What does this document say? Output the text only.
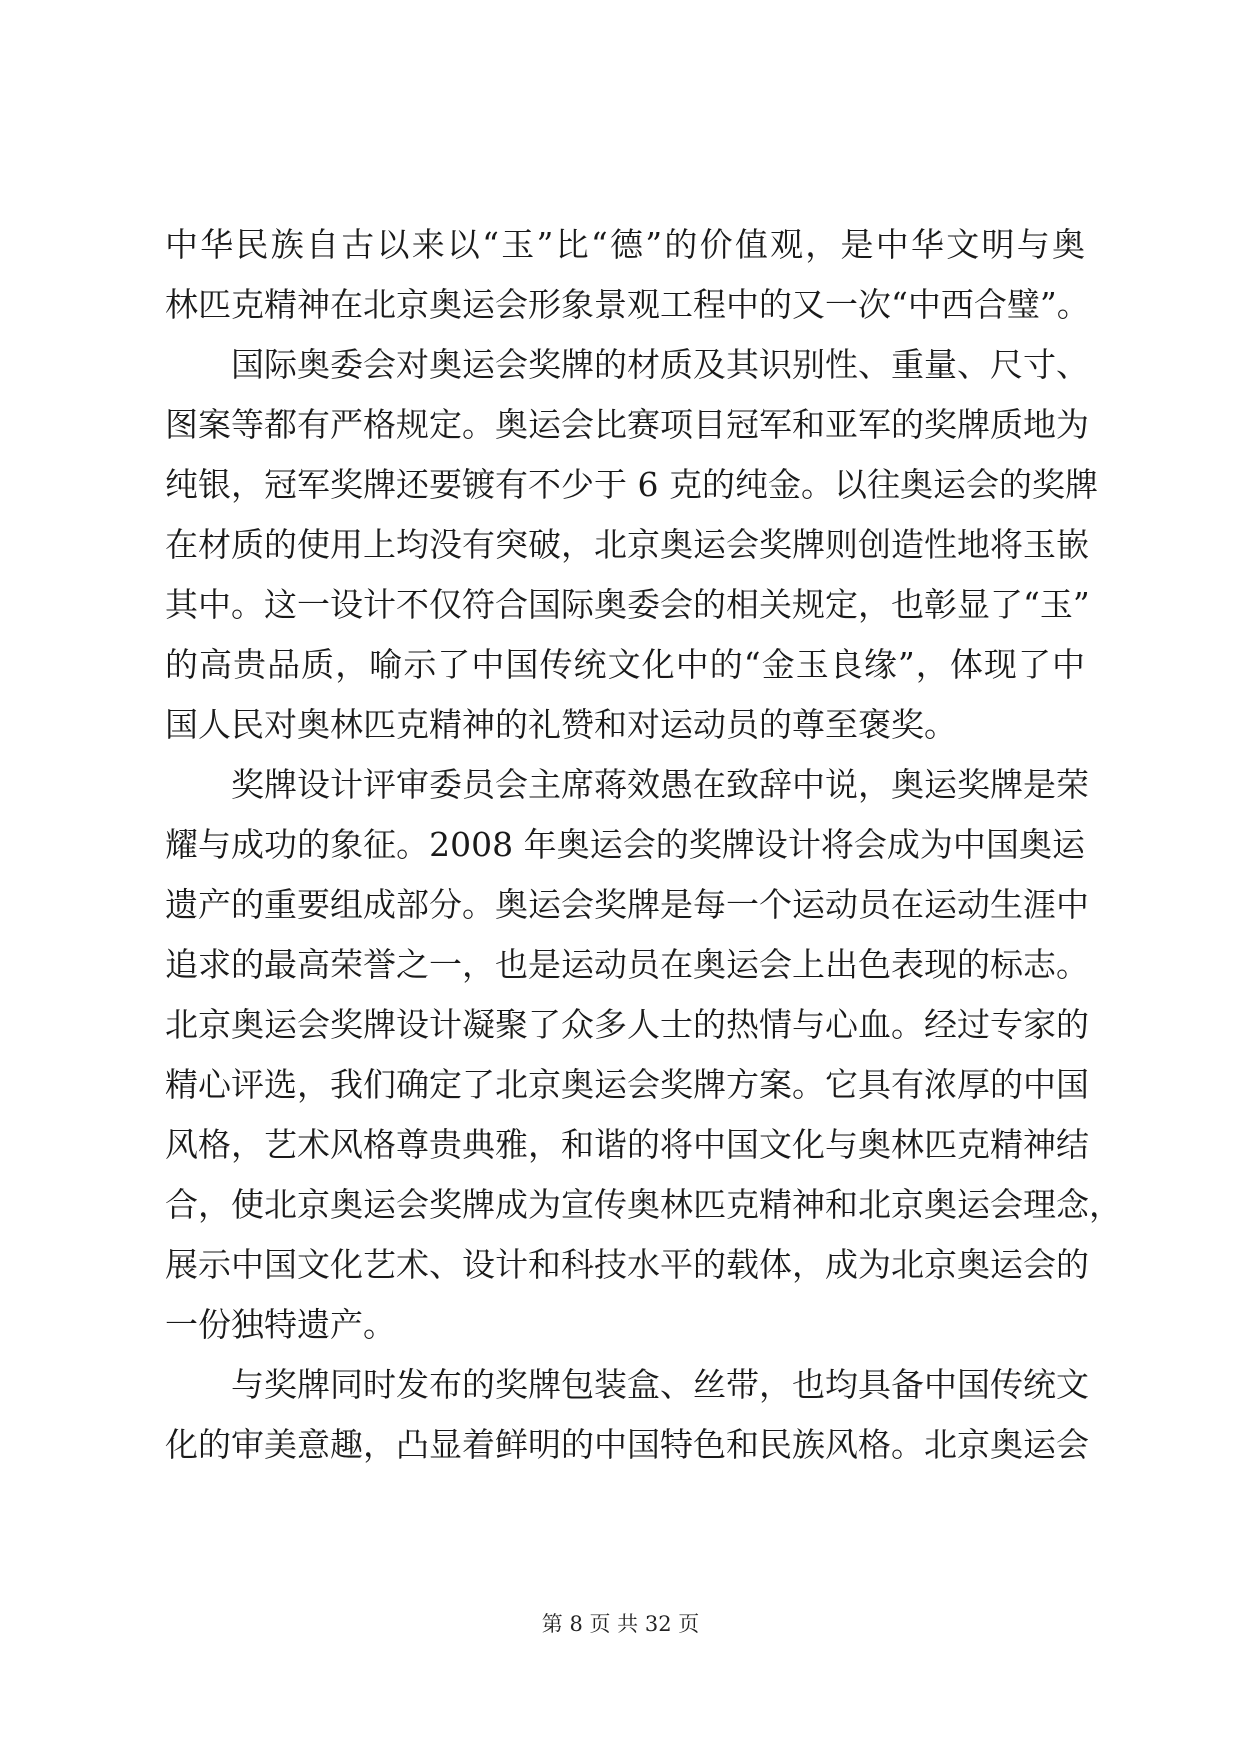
中华民族自古以来以“玉”比“德”的价值观，是中华文明与奥
林匹克精神在北京奥运会形象景观工程中的又一次“中西合璧”。
国际奥委会对奥运会奖牌的材质及其识别性、重量、尺寸、
图案等都有严格规定。奥运会比赛项目冠军和亚军的奖牌质地为
纯银，冠军奖牌还要镀有不少于 6 克的纯金。以往奥运会的奖牌
在材质的使用上均没有突破，北京奥运会奖牌则创造性地将玉嵌
其中。这一设计不仅符合国际奥委会的相关规定，也彰显了“玉”
的高贵品质，喻示了中国传统文化中的“金玉良缘”，体现了中
国人民对奥林匹克精神的礼赞和对运动员的尊至褒奖。
奖牌设计评审委员会主席蒋效愚在致辞中说，奥运奖牌是荣
耀与成功的象征。2008 年奥运会的奖牌设计将会成为中国奥运
遗产的重要组成部分。奥运会奖牌是每一个运动员在运动生涯中
追求的最高荣誉之一，也是运动员在奥运会上出色表现的标志。
北京奥运会奖牌设计凝聚了众多人士的热情与心血。经过专家的
精心评选，我们确定了北京奥运会奖牌方案。它具有浓厚的中国
风格，艺术风格尊贵典雅，和谐的将中国文化与奥林匹克精神结
合，使北京奥运会奖牌成为宣传奥林匹克精神和北京奥运会理念，
展示中国文化艺术、设计和科技水平的载体，成为北京奥运会的
一份独特遗产。
与奖牌同时发布的奖牌包装盒、丝带，也均具备中国传统文
化的审美意趣，凸显着鲜明的中国特色和民族风格。北京奥运会
第 8 页 共 32 页
